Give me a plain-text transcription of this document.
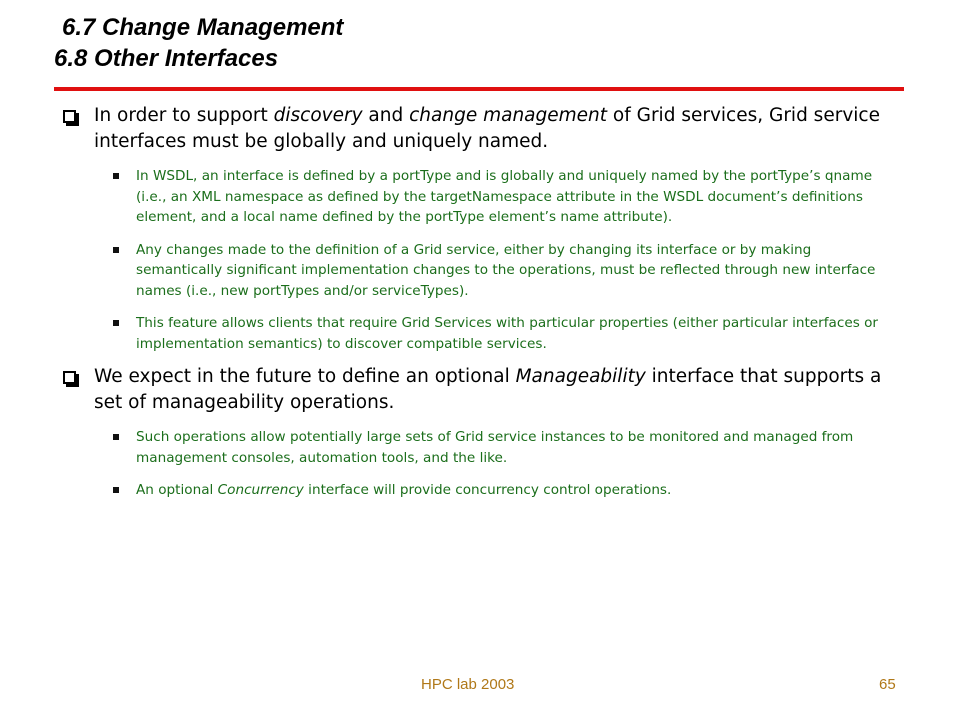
6.7 Change Management
6.8 Other Interfaces

In order to support discovery and change management of Grid services, Grid service interfaces must be globally and uniquely named.

In WSDL, an interface is defined by a portType and is globally and uniquely named by the portType’s qname (i.e., an XML namespace as defined by the targetNamespace attribute in the WSDL document’s definitions element, and a local name defined by the portType element’s name attribute).

Any changes made to the definition of a Grid service, either by changing its interface or by making semantically significant implementation changes to the operations, must be reflected through new interface names (i.e., new portTypes and/or serviceTypes).

This feature allows clients that require Grid Services with particular properties (either particular interfaces or implementation semantics) to discover compatible services.

We expect in the future to define an optional Manageability interface that supports a set of manageability operations.

Such operations allow potentially large sets of Grid service instances to be monitored and managed from management consoles, automation tools, and the like.

An optional Concurrency interface will provide concurrency control operations.

HPC lab 2003	65
